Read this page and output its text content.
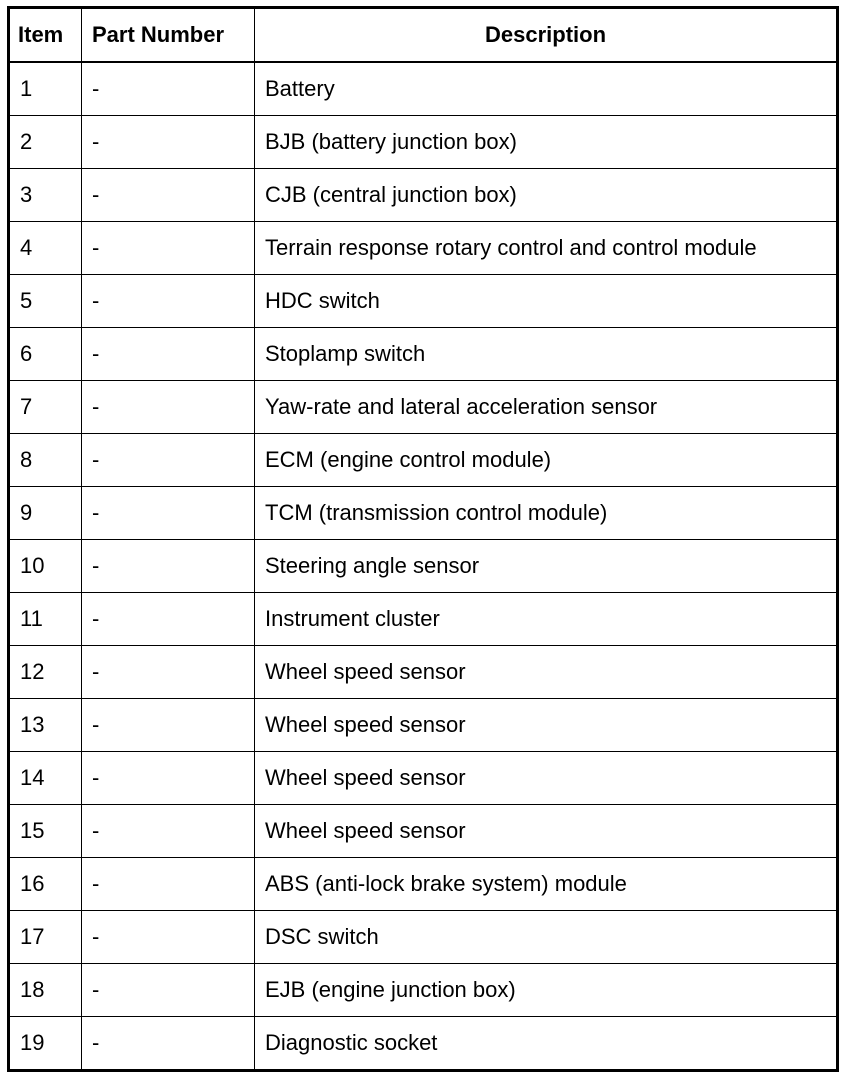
Item	Part Number	Description
1	-	Battery
2	-	BJB (battery junction box)
3	-	CJB (central junction box)
4	-	Terrain response rotary control and control module
5	-	HDC switch
6	-	Stoplamp switch
7	-	Yaw-rate and lateral acceleration sensor
8	-	ECM (engine control module)
9	-	TCM (transmission control module)
10	-	Steering angle sensor
11	-	Instrument cluster
12	-	Wheel speed sensor
13	-	Wheel speed sensor
14	-	Wheel speed sensor
15	-	Wheel speed sensor
16	-	ABS (anti-lock brake system) module
17	-	DSC switch
18	-	EJB (engine junction box)
19	-	Diagnostic socket
